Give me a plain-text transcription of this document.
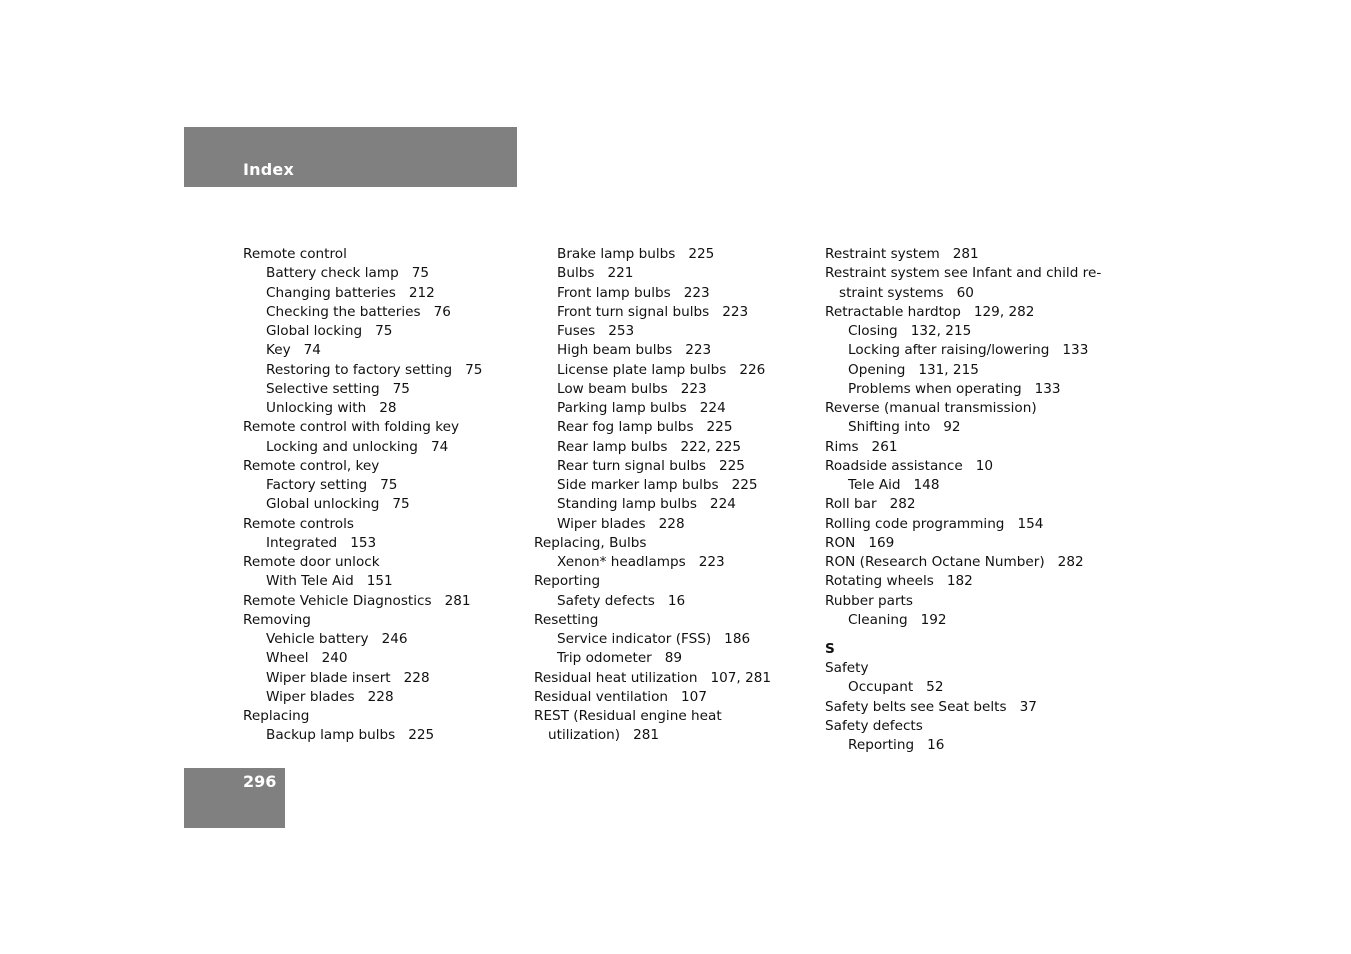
Index
Remote control
Battery check lamp 75
Changing batteries 212
Checking the batteries 76
Global locking 75
Key 74
Restoring to factory setting 75
Selective setting 75
Unlocking with 28
Remote control with folding key
Locking and unlocking 74
Remote control, key
Factory setting 75
Global unlocking 75
Remote controls
Integrated 153
Remote door unlock
With Tele Aid 151
Remote Vehicle Diagnostics 281
Removing
Vehicle battery 246
Wheel 240
Wiper blade insert 228
Wiper blades 228
Replacing
Backup lamp bulbs 225
Brake lamp bulbs 225
Bulbs 221
Front lamp bulbs 223
Front turn signal bulbs 223
Fuses 253
High beam bulbs 223
License plate lamp bulbs 226
Low beam bulbs 223
Parking lamp bulbs 224
Rear fog lamp bulbs 225
Rear lamp bulbs 222, 225
Rear turn signal bulbs 225
Side marker lamp bulbs 225
Standing lamp bulbs 224
Wiper blades 228
Replacing, Bulbs
Xenon* headlamps 223
Reporting
Safety defects 16
Resetting
Service indicator (FSS) 186
Trip odometer 89
Residual heat utilization 107, 281
Residual ventilation 107
REST (Residual engine heat
utilization) 281
Restraint system 281
Restraint system see Infant and child re-
straint systems 60
Retractable hardtop 129, 282
Closing 132, 215
Locking after raising/lowering 133
Opening 131, 215
Problems when operating 133
Reverse (manual transmission)
Shifting into 92
Rims 261
Roadside assistance 10
Tele Aid 148
Roll bar 282
Rolling code programming 154
RON 169
RON (Research Octane Number) 282
Rotating wheels 182
Rubber parts
Cleaning 192
S
Safety
Occupant 52
Safety belts see Seat belts 37
Safety defects
Reporting 16
296
